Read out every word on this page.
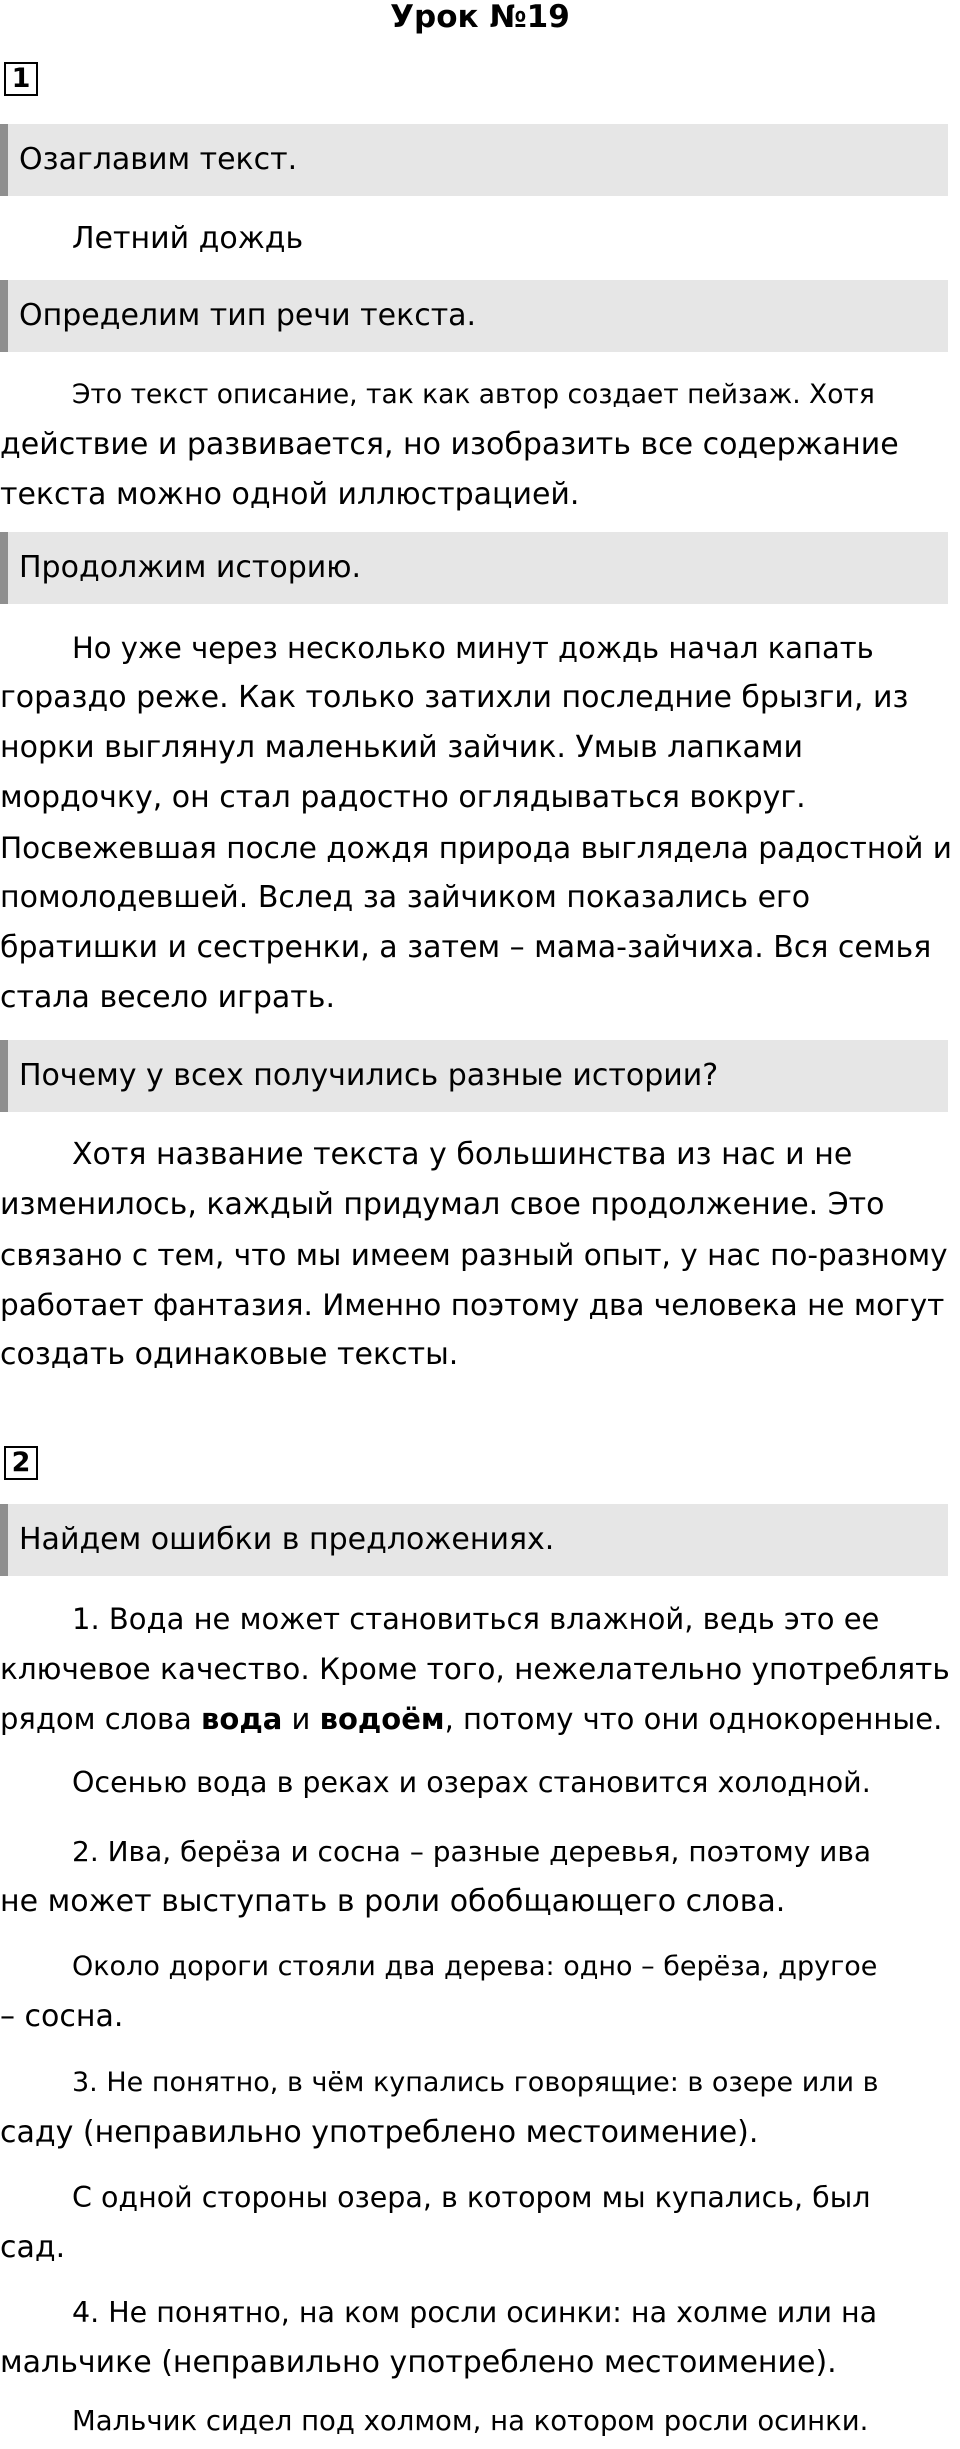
Урок №19
1
Озаглавим текст.
Летний дождь
Определим тип речи текста.
Это текст описание, так как автор создает пейзаж. Хотя
действие и развивается, но изобразить все содержание
текста можно одной иллюстрацией.
Продолжим историю.
Но уже через несколько минут дождь начал капать
гораздо реже. Как только затихли последние брызги, из
норки выглянул маленький зайчик. Умыв лапками
мордочку, он стал радостно оглядываться вокруг.
Посвежевшая после дождя природа выглядела радостной и
помолодевшей. Вслед за зайчиком показались его
братишки и сестренки, а затем – мама-зайчиха. Вся семья
стала весело играть.
Почему у всех получились разные истории?
Хотя название текста у большинства из нас и не
изменилось, каждый придумал свое продолжение. Это
связано с тем, что мы имеем разный опыт, у нас по-разному
работает фантазия. Именно поэтому два человека не могут
создать одинаковые тексты.
2
Найдем ошибки в предложениях.
1. Вода не может становиться влажной, ведь это ее
ключевое качество. Кроме того, нежелательно употреблять
рядом слова вода и водоём, потому что они однокоренные.
Осенью вода в реках и озерах становится холодной.
2. Ива, берёза и сосна – разные деревья, поэтому ива
не может выступать в роли обобщающего слова.
Около дороги стояли два дерева: одно – берёза, другое
– сосна.
3. Не понятно, в чём купались говорящие: в озере или в
саду (неправильно употреблено местоимение).
С одной стороны озера, в котором мы купались, был
сад.
4. Не понятно, на ком росли осинки: на холме или на
мальчике (неправильно употреблено местоимение).
Мальчик сидел под холмом, на котором росли осинки.
